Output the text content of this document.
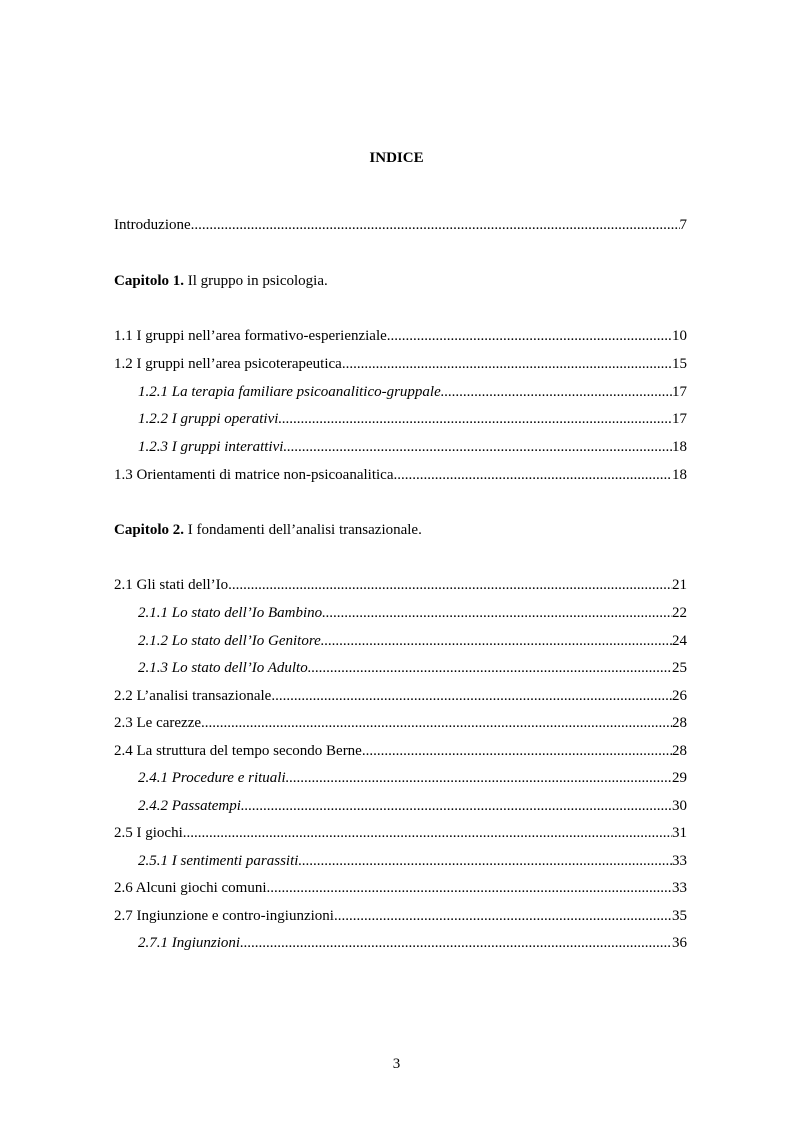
INDICE
Introduzione .....	7
Capitolo 1. Il gruppo in psicologia.
1.1 I gruppi nell’area formativo-esperienziale .....	10
1.2 I gruppi nell’area psicoterapeutica .....	15
1.2.1 La terapia familiare psicoanalitico-gruppale. .....	17
1.2.2 I gruppi operativi. .....	17
1.2.3 I gruppi interattivi. .....	18
1.3 Orientamenti di matrice non-psicoanalitica .....	18
Capitolo 2. I fondamenti dell’analisi transazionale.
2.1 Gli stati dell’Io .....	21
2.1.1 Lo stato dell’Io Bambino .....	22
2.1.2 Lo stato dell’Io Genitore .....	24
2.1.3 Lo stato dell’Io Adulto .....	25
2.2 L’analisi transazionale .....	26
2.3 Le carezze .....	28
2.4 La struttura del tempo secondo Berne .....	28
2.4.1 Procedure e rituali. .....	29
2.4.2 Passatempi. .....	30
2.5 I giochi .....	31
2.5.1 I sentimenti parassiti. .....	33
2.6 Alcuni giochi comuni .....	33
2.7 Ingiunzione e contro-ingiunzioni .....	35
2.7.1 Ingiunzioni .....	36
3
